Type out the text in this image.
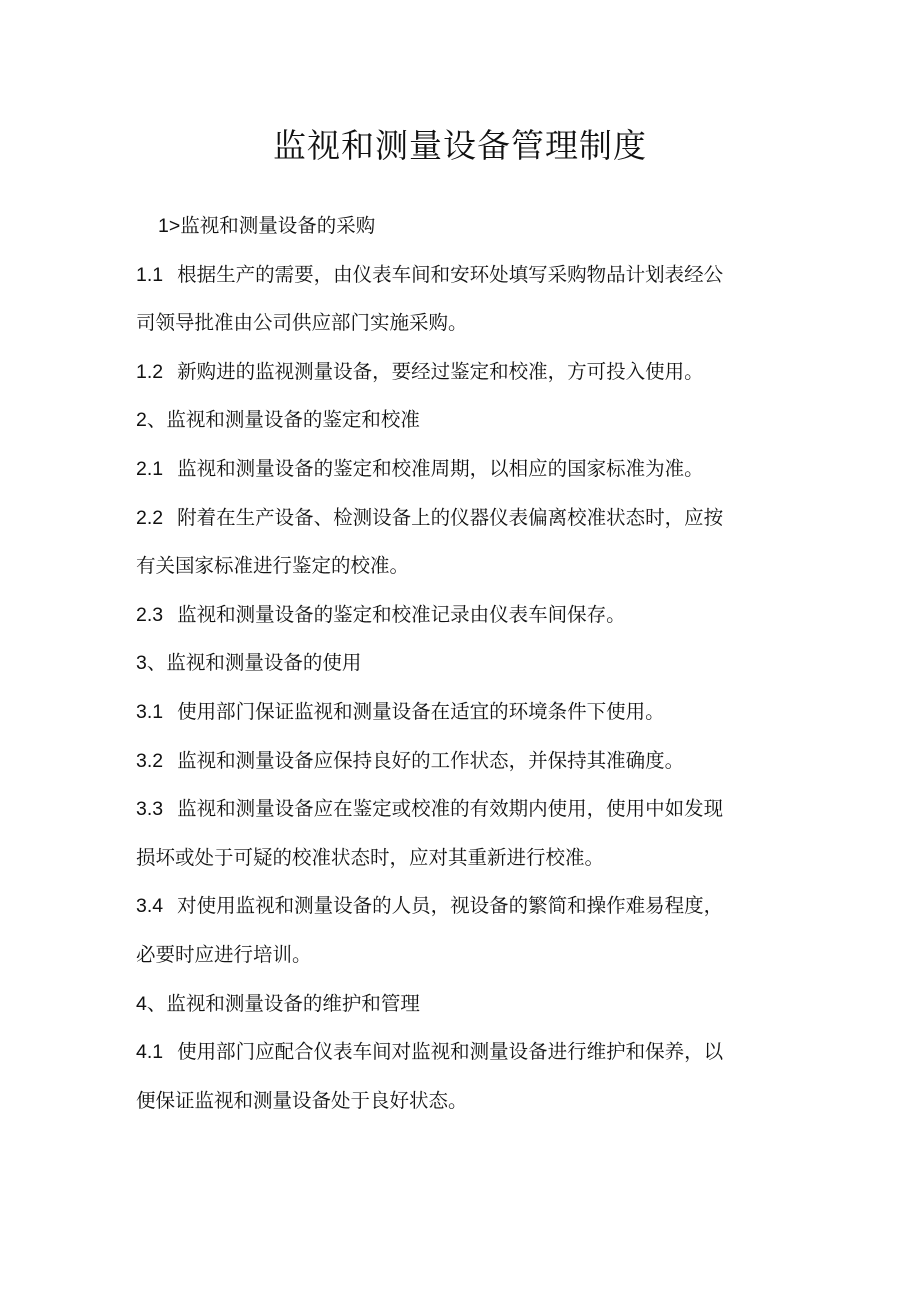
监视和测量设备管理制度

1>监视和测量设备的采购

1.1 根据生产的需要，由仪表车间和安环处填写采购物品计划表经公

司领导批准由公司供应部门实施采购。

1.2 新购进的监视测量设备，要经过鉴定和校准，方可投入使用。

2、监视和测量设备的鉴定和校准

2.1 监视和测量设备的鉴定和校准周期，以相应的国家标准为准。

2.2 附着在生产设备、检测设备上的仪器仪表偏离校准状态时，应按

有关国家标准进行鉴定的校准。

2.3 监视和测量设备的鉴定和校准记录由仪表车间保存。

3、监视和测量设备的使用

3.1 使用部门保证监视和测量设备在适宜的环境条件下使用。

3.2 监视和测量设备应保持良好的工作状态，并保持其准确度。

3.3 监视和测量设备应在鉴定或校准的有效期内使用，使用中如发现

损坏或处于可疑的校准状态时，应对其重新进行校准。

3.4 对使用监视和测量设备的人员，视设备的繁简和操作难易程度，

必要时应进行培训。

4、监视和测量设备的维护和管理

4.1 使用部门应配合仪表车间对监视和测量设备进行维护和保养，以

便保证监视和测量设备处于良好状态。
